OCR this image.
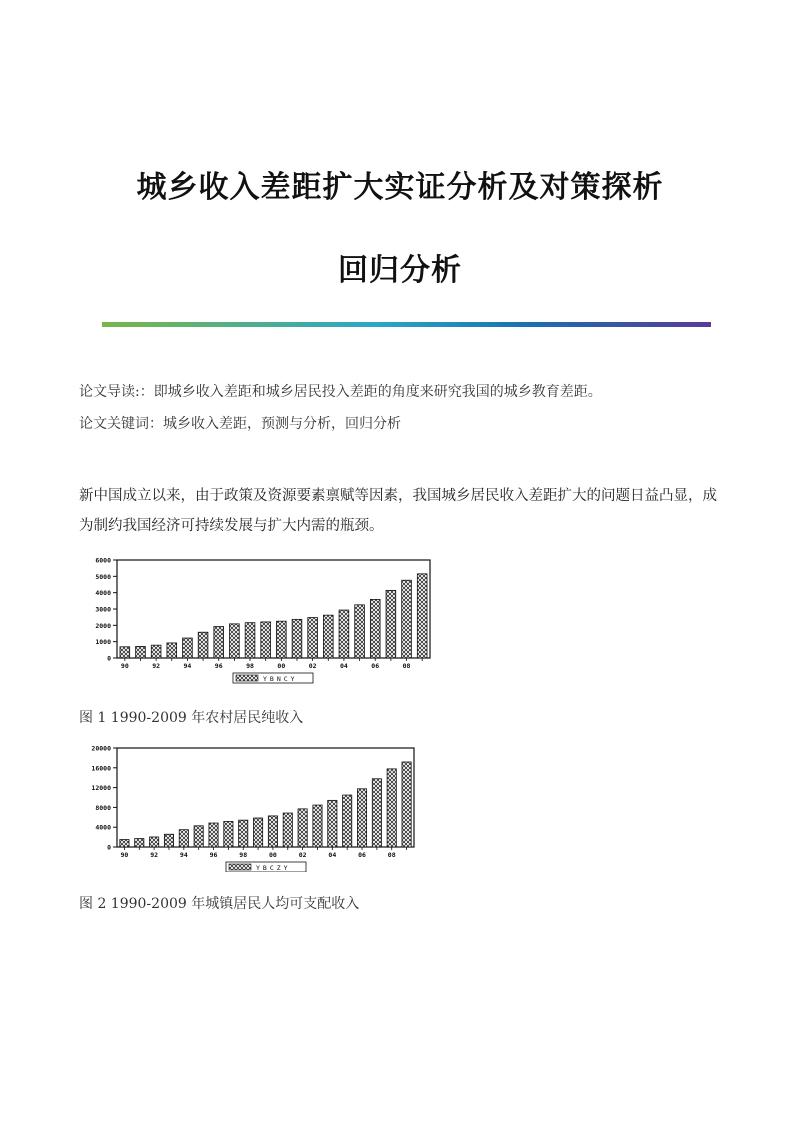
城乡收入差距扩大实证分析及对策探析
回归分析
论文导读:：即城乡收入差距和城乡居民投入差距的角度来研究我国的城乡教育差距。
论文关键词：城乡收入差距，预测与分析，回归分析
新中国成立以来，由于政策及资源要素禀赋等因素，我国城乡居民收入差距扩大的问题日益凸显，成为制约我国经济可持续发展与扩大内需的瓶颈。
0
1000
2000
3000
4000
5000
6000
90	92	94	96	98	00	02	04	06	08
YBNCY
图 1 1990-2009 年农村居民纯收入
0
4000
8000
12000
16000
20000
90	92	94	96	98	00	02	04	06	08
YBCZY
图 2 1990-2009 年城镇居民人均可支配收入
